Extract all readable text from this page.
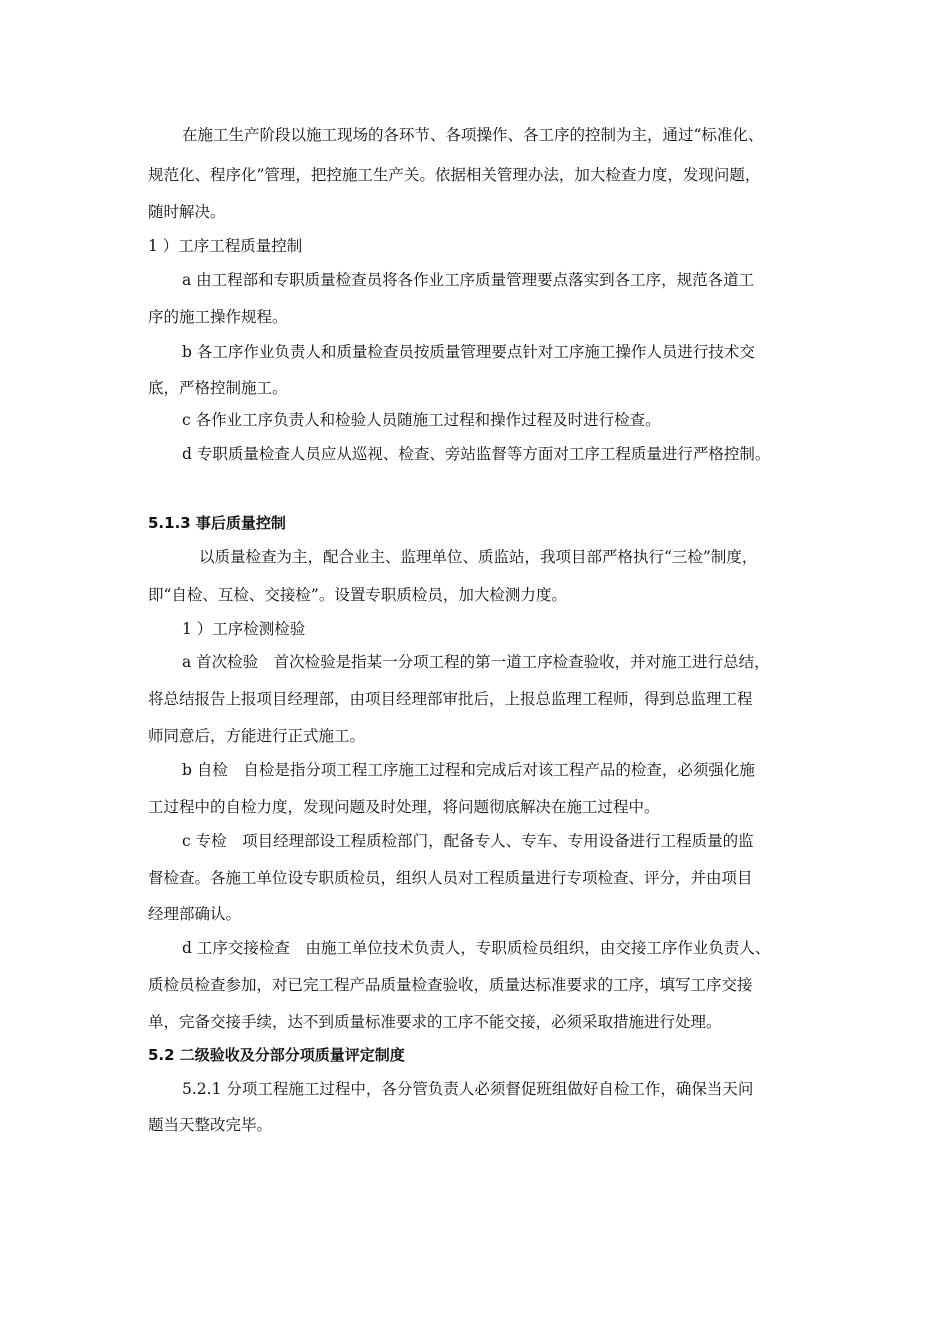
在施工生产阶段以施工现场的各环节、各项操作、各工序的控制为主，通过“标准化、

规范化、程序化”管理，把控施工生产关。依据相关管理办法，加大检查力度，发现问题，

随时解决。

1 ）工序工程质量控制

a 由工程部和专职质量检查员将各作业工序质量管理要点落实到各工序，规范各道工

序的施工操作规程。

b 各工序作业负责人和质量检查员按质量管理要点针对工序施工操作人员进行技术交

底，严格控制施工。

c 各作业工序负责人和检验人员随施工过程和操作过程及时进行检查。

d 专职质量检查人员应从巡视、检查、旁站监督等方面对工序工程质量进行严格控制。

5.1.3 事后质量控制

以质量检查为主，配合业主、监理单位、质监站，我项目部严格执行“三检”制度，

即“自检、互检、交接检”。设置专职质检员，加大检测力度。

1 ）工序检测检验

a 首次检验　首次检验是指某一分项工程的第一道工序检查验收，并对施工进行总结，

将总结报告上报项目经理部，由项目经理部审批后，上报总监理工程师，得到总监理工程

师同意后，方能进行正式施工。

b 自检　自检是指分项工程工序施工过程和完成后对该工程产品的检查，必须强化施

工过程中的自检力度，发现问题及时处理，将问题彻底解决在施工过程中。

c 专检　项目经理部设工程质检部门，配备专人、专车、专用设备进行工程质量的监

督检查。各施工单位设专职质检员，组织人员对工程质量进行专项检查、评分，并由项目

经理部确认。

d 工序交接检查　由施工单位技术负责人，专职质检员组织，由交接工序作业负责人、

质检员检查参加，对已完工程产品质量检查验收，质量达标准要求的工序，填写工序交接

单，完备交接手续，达不到质量标准要求的工序不能交接，必须采取措施进行处理。

5.2 二级验收及分部分项质量评定制度

5.2.1 分项工程施工过程中，各分管负责人必须督促班组做好自检工作，确保当天问

题当天整改完毕。
